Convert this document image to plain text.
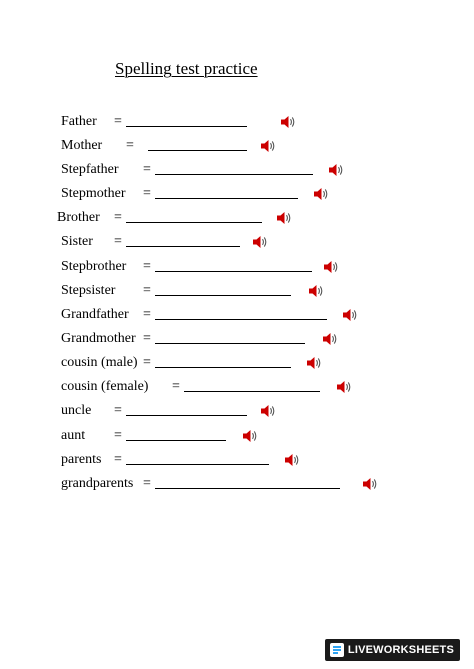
Spelling test practice
Father =
Mother =
Stepfather =
Stepmother =
Brother =
Sister =
Stepbrother =
Stepsister =
Grandfather =
Grandmother =
cousin (male) =
cousin (female) =
uncle =
aunt =
parents =
grandparents =
LIVEWORKSHEETS
